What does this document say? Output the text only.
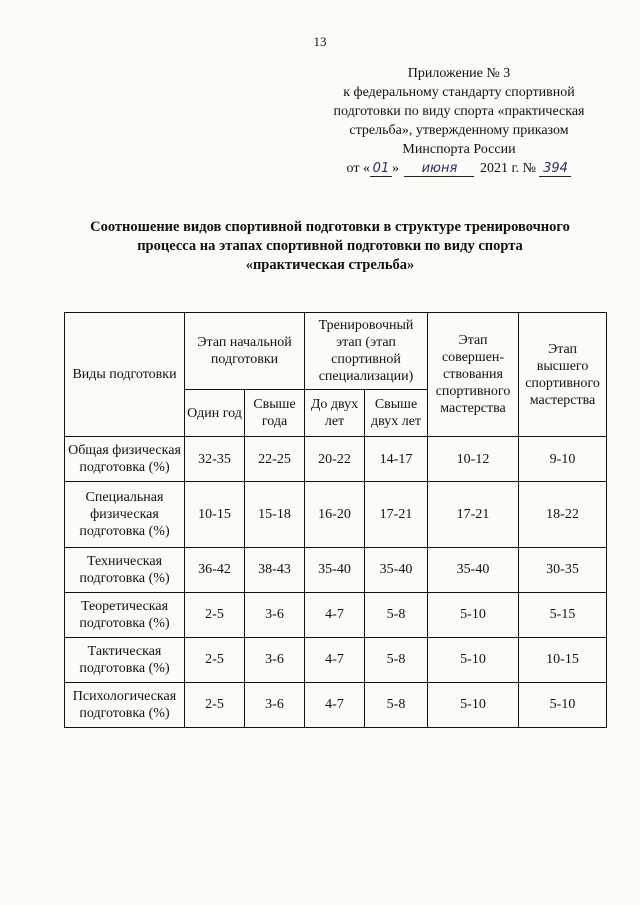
13
Приложение № 3
к федеральному стандарту спортивной
подготовки по виду спорта «практическая
стрельба», утвержденному приказом
Минспорта России
от « 01 » июня 2021 г. № 394
Соотношение видов спортивной подготовки в структуре тренировочного
процесса на этапах спортивной подготовки по виду спорта
«практическая стрельба»
Виды подготовки	Этап начальной подготовки		Тренировочный этап (этап спортивной специализации)		Этап совершен-ствования спортивного мастерства	Этап высшего спортивного мастерства
	Один год	Свыше года	До двух лет	Свыше двух лет		
Общая физическая подготовка (%)	32-35	22-25	20-22	14-17	10-12	9-10
Специальная физическая подготовка (%)	10-15	15-18	16-20	17-21	17-21	18-22
Техническая подготовка (%)	36-42	38-43	35-40	35-40	35-40	30-35
Теоретическая подготовка (%)	2-5	3-6	4-7	5-8	5-10	5-15
Тактическая подготовка (%)	2-5	3-6	4-7	5-8	5-10	10-15
Психологическая подготовка (%)	2-5	3-6	4-7	5-8	5-10	5-10
